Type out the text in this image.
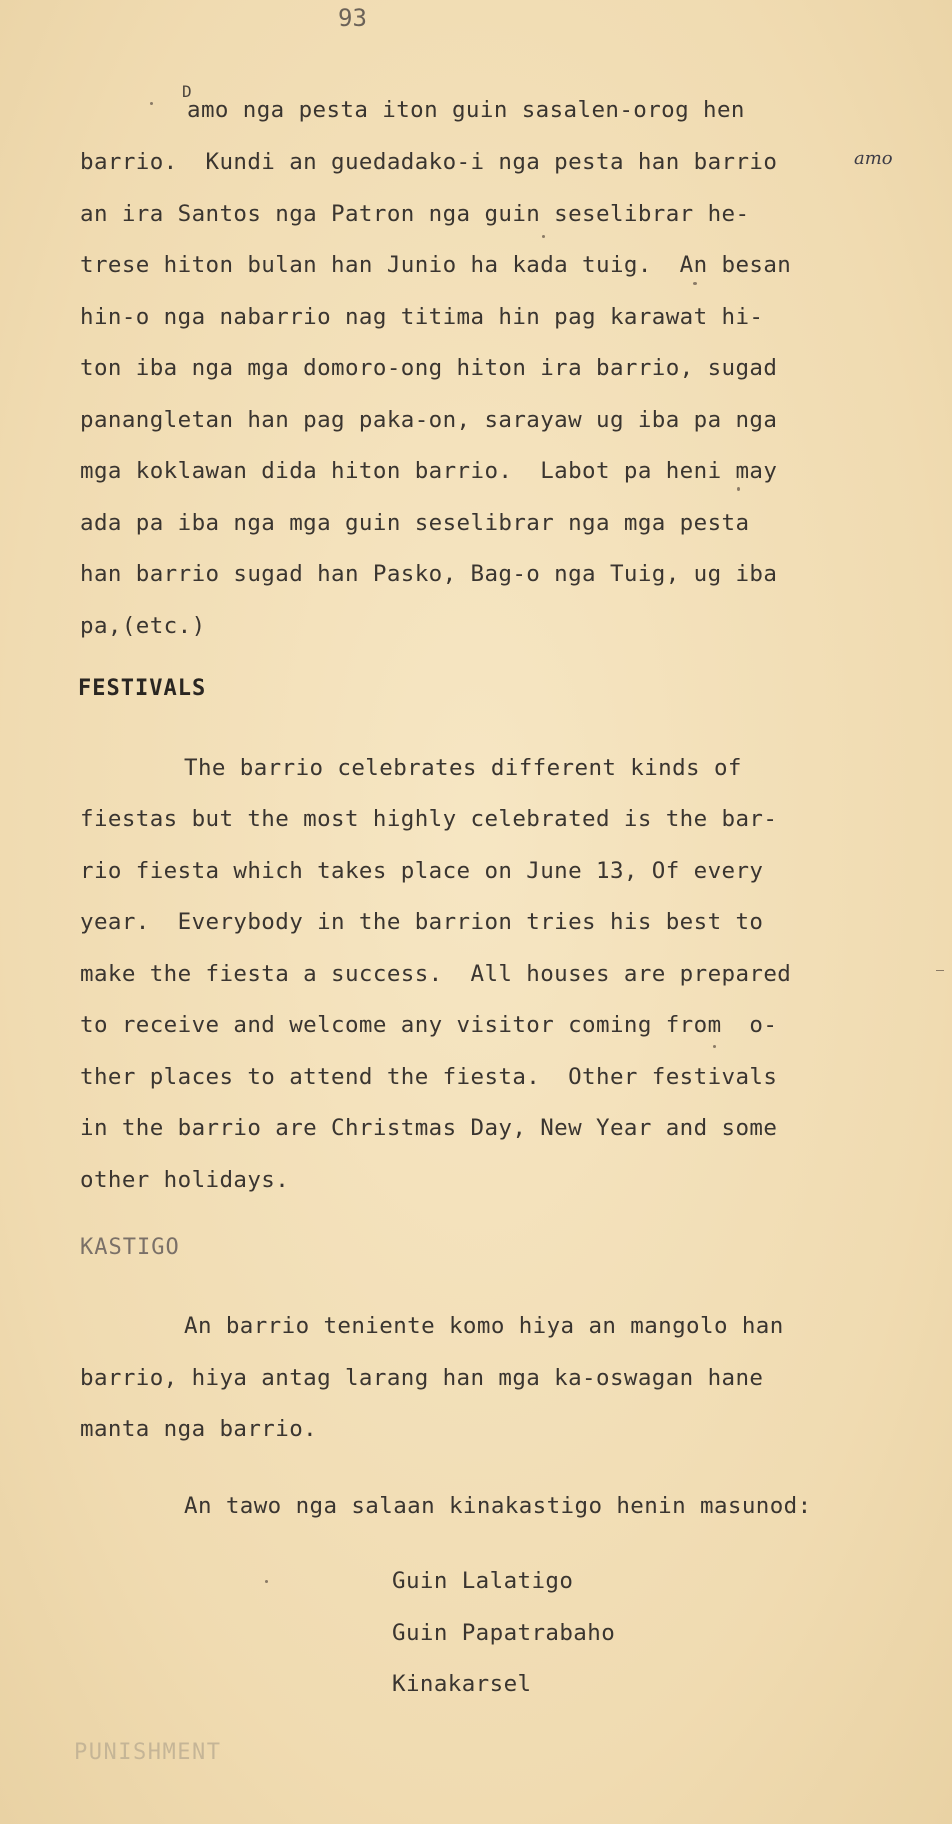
93
D
amo nga pesta iton guin sasalen-orog hen
barrio.  Kundi an guedadako-i nga pesta han barrio	amo
an ira Santos nga Patron nga guin seselibrar he-
trese hiton bulan han Junio ha kada tuig.  An besan
hin-o nga nabarrio nag titima hin pag karawat hi-
ton iba nga mga domoro-ong hiton ira barrio, sugad
panangletan han pag paka-on, sarayaw ug iba pa nga
mga koklawan dida hiton barrio.  Labot pa heni may
ada pa iba nga mga guin seselibrar nga mga pesta
han barrio sugad han Pasko, Bag-o nga Tuig, ug iba
pa,(etc.)
FESTIVALS
The barrio celebrates different kinds of
fiestas but the most highly celebrated is the bar-
rio fiesta which takes place on June 13, Of every
year.  Everybody in the barrion tries his best to
make the fiesta a success.  All houses are prepared
to receive and welcome any visitor coming from  o-
ther places to attend the fiesta.  Other festivals
in the barrio are Christmas Day, New Year and some
other holidays.
KASTIGO
An barrio teniente komo hiya an mangolo han
barrio, hiya antag larang han mga ka-oswagan hane
manta nga barrio.
An tawo nga salaan kinakastigo henin masunod:
Guin Lalatigo
Guin Papatrabaho
Kinakarsel
PUNISHMENT
